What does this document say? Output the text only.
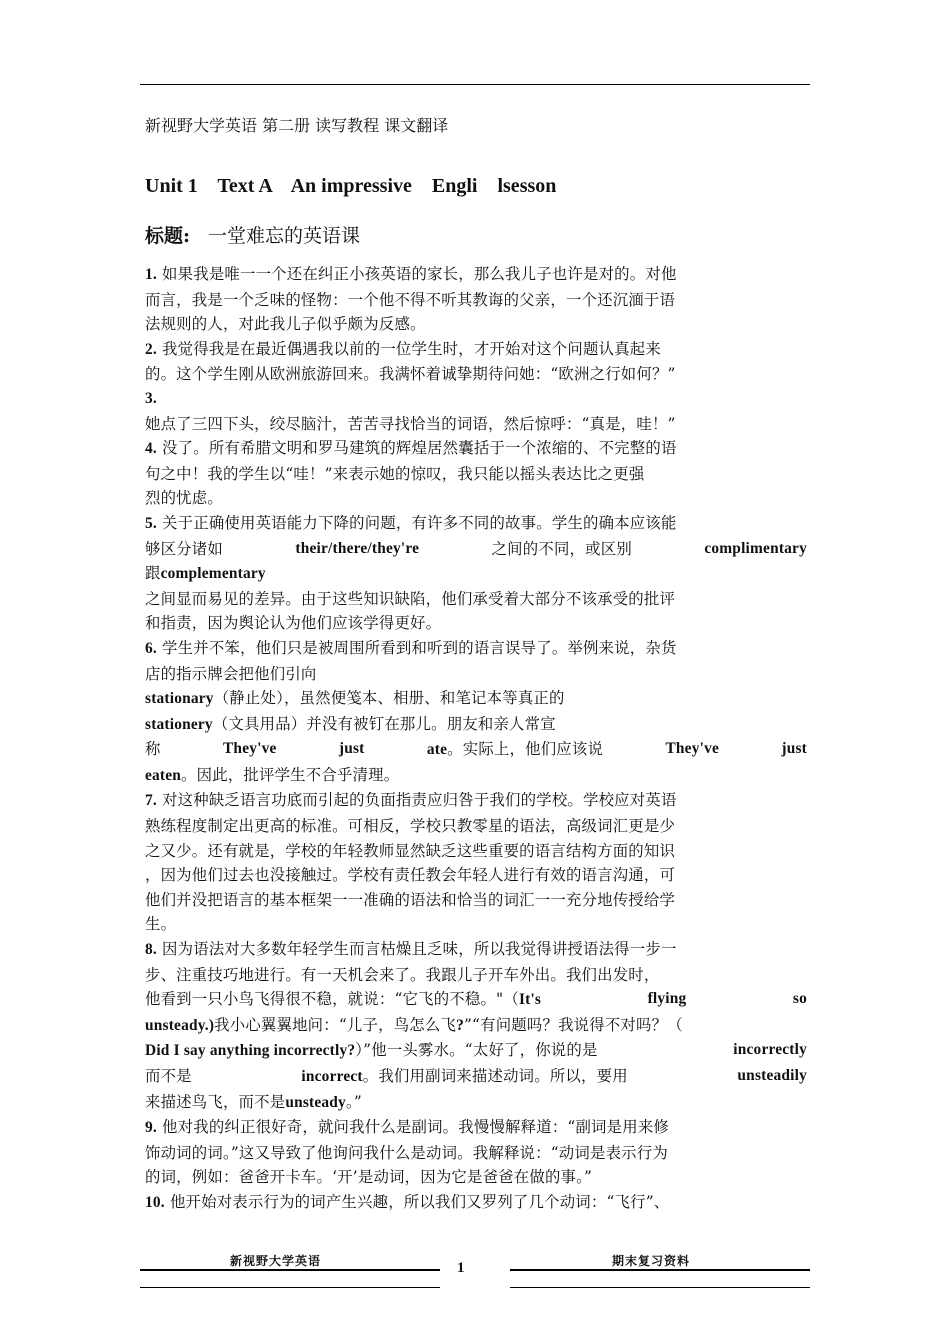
新视野大学英语 第二册 读写教程 课文翻译
Unit 1    Text A    An impressive    Engli    lsesson
标题: 一堂难忘的英语课
1. 如果我是唯一一个还在纠正小孩英语的家长，那么我儿子也许是对的。对他
而言，我是一个乏味的怪物：一个他不得不听其教诲的父亲，一个还沉湎于语
法规则的人，对此我儿子似乎颇为反感。
2. 我觉得我是在最近偶遇我以前的一位学生时，才开始对这个问题认真起来
的。这个学生刚从欧洲旅游回来。我满怀着诚挚期待问她：“欧洲之行如何？”
3.
她点了三四下头，绞尽脑汁，苦苦寻找恰当的词语，然后惊呼：“真是，哇！”
4. 没了。所有希腊文明和罗马建筑的辉煌居然囊括于一个浓缩的、不完整的语
句之中！我的学生以“哇！”来表示她的惊叹，我只能以摇头表达比之更强
烈的忧虑。
5. 关于正确使用英语能力下降的问题，有许多不同的故事。学生的确本应该能
够区分诸如	their/there/they're	之间的不同，或区别	complimentary
跟complementary
之间显而易见的差异。由于这些知识缺陷，他们承受着大部分不该承受的批评
和指责，因为舆论认为他们应该学得更好。
6. 学生并不笨，他们只是被周围所看到和听到的语言误导了。举例来说，杂货
店的指示牌会把他们引向
stationary（静止处），虽然便笺本、相册、和笔记本等真正的
stationery（文具用品）并没有被钉在那儿。朋友和亲人常宣
称	They've	just	ate。实际上，他们应该说	They've	just
eaten。因此，批评学生不合乎清理。
7. 对这种缺乏语言功底而引起的负面指责应归咎于我们的学校。学校应对英语
熟练程度制定出更高的标准。可相反，学校只教零星的语法，高级词汇更是少
之又少。还有就是，学校的年轻教师显然缺乏这些重要的语言结构方面的知识
，因为他们过去也没接触过。学校有责任教会年轻人进行有效的语言沟通，可
他们并没把语言的基本框架一一准确的语法和恰当的词汇一一充分地传授给学
生。
8. 因为语法对大多数年轻学生而言枯燥且乏味，所以我觉得讲授语法得一步一
步、注重技巧地进行。有一天机会来了。我跟儿子开车外出。我们出发时，
他看到一只小鸟飞得很不稳，就说：“它飞的不稳。"（It's	flying	so
unsteady.)我小心翼翼地问：“儿子，鸟怎么飞?”“有问题吗？我说得不对吗？（
Did I say anything incorrectly?）”他一头雾水。“太好了，你说的是	incorrectly
而不是	incorrect。我们用副词来描述动词。所以，要用	unsteadily
来描述鸟飞，而不是unsteady。”
9. 他对我的纠正很好奇，就问我什么是副词。我慢慢解释道：“副词是用来修
饰动词的词。”这又导致了他询问我什么是动词。我解释说：“动词是表示行为
的词，例如：爸爸开卡车。‘开’是动词，因为它是爸爸在做的事。”
10. 他开始对表示行为的词产生兴趣，所以我们又罗列了几个动词：“飞行”、
新视野大学英语	1	期末复习资料
